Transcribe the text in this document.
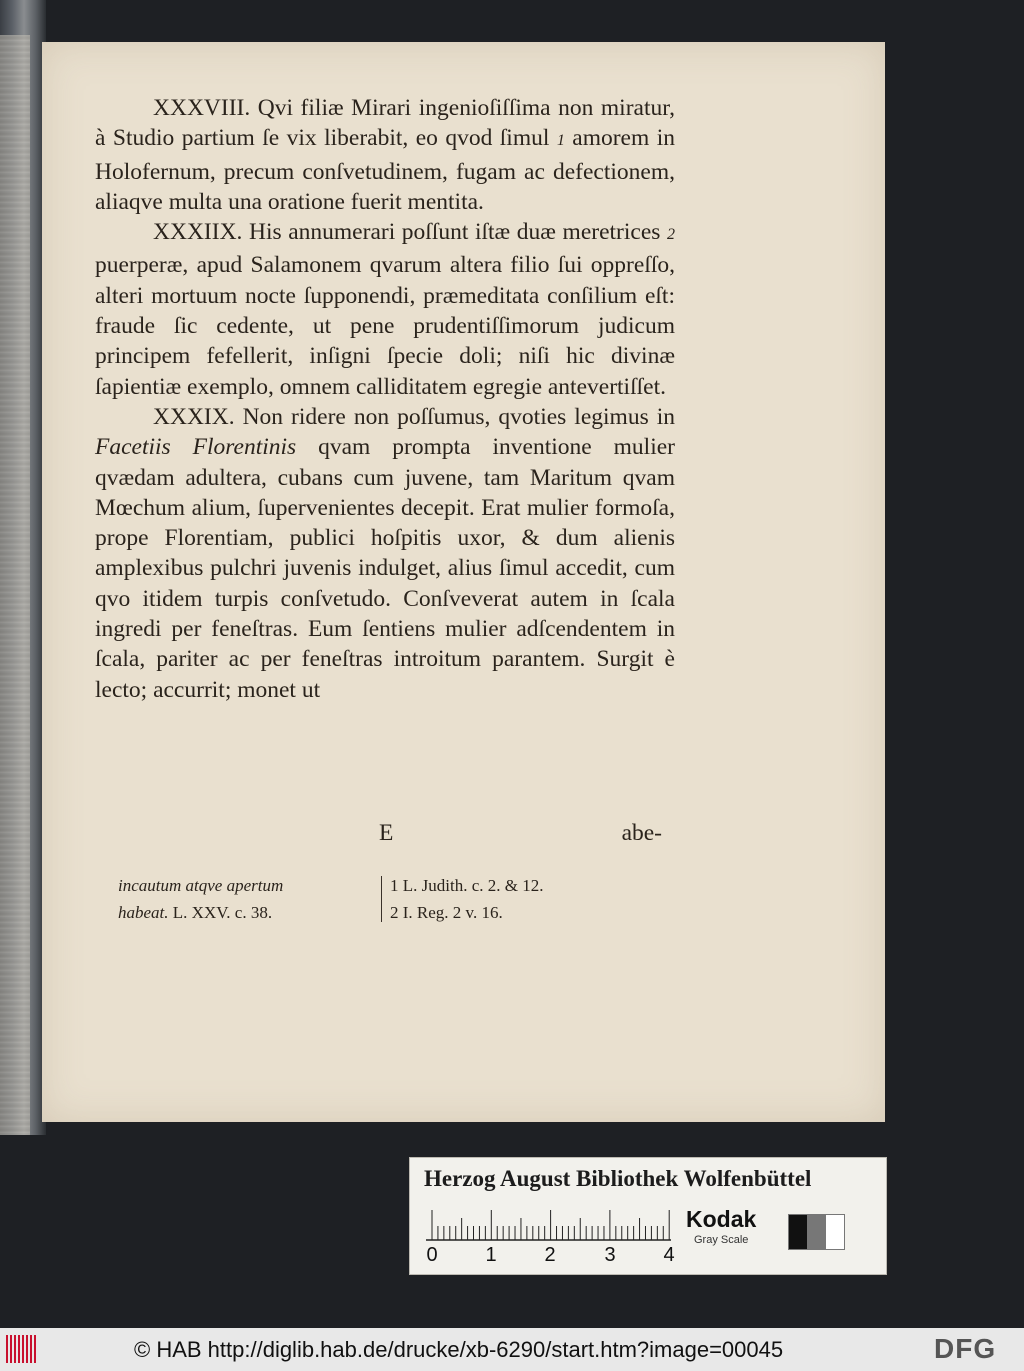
XXXVIII. Qvi filiæ Mirari ingenioſiſſima non miratur, à Studio partium ſe vix liberabit, eo qvod ſimul 1 amorem in Holofernum, precum conſvetudinem, fugam ac defectionem, aliaqve multa una oratione fuerit mentita.

XXXIIX. His annumerari poſſunt iſtæ duæ meretrices 2 puerperæ, apud Salamonem qvarum altera filio ſui oppreſſo, alteri mortuum nocte ſupponendi, præmeditata conſilium eſt: fraude ſic cedente, ut pene prudentiſſimorum judicum principem fefellerit, inſigni ſpecie doli; niſi hic divinæ ſapientiæ exemplo, omnem calliditatem egregie antevertiſſet.

XXXIX. Non ridere non poſſumus, qvoties legimus in Facetiis Florentinis qvam prompta inventione mulier qvædam adultera, cubans cum juvene, tam Maritum qvam Mœchum alium, ſupervenientes decepit. Erat mulier formoſa, prope Florentiam, publici hoſpitis uxor, & dum alienis amplexibus pulchri juvenis indulget, alius ſimul accedit, cum qvo itidem turpis conſvetudo. Conſveverat autem in ſcala ingredi per feneſtras. Eum ſentiens mulier adſcendentem in ſcala, pariter ac per feneſtras introitum parantem. Surgit è lecto; accurrit; monet ut

E	abe-
incautum atqve apertum
habeat. L. XXV. c. 38.
1 L. Judith. c. 2. & 12.
2 I. Reg. 2 v. 16.
Herzog August Bibliothek Wolfenbüttel
0 1 2 3 4
Kodak
Gray Scale
© HAB http://diglib.hab.de/drucke/xb-6290/start.htm?image=00045	DFG
